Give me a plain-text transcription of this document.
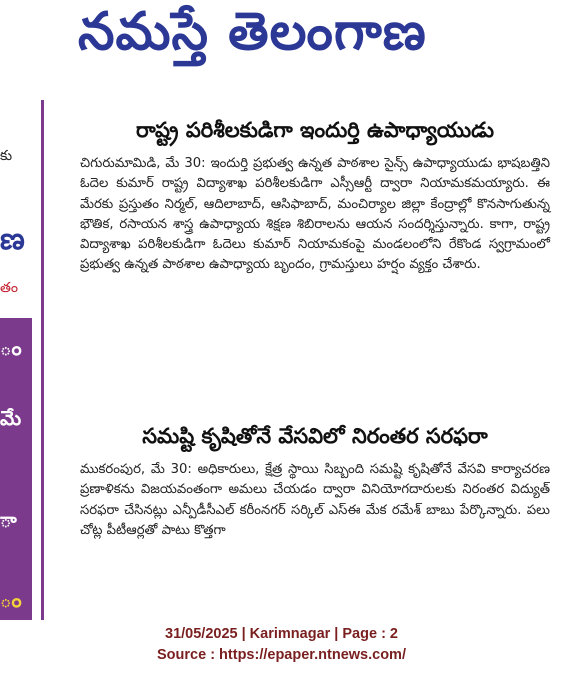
నమస్తే తెలంగాణ
కు
ణ
తం
ం
మే
ా
ం
రాష్ట్ర పరిశీలకుడిగా ఇందుర్తి ఉపాధ్యాయుడు
చిగురుమామిడి, మే 30: ఇందుర్తి ప్రభుత్వ ఉన్నత పాఠశాల సైన్స్ ఉపాధ్యాయుడు భాషబత్తిని ఓదెల కుమార్ రాష్ట్ర విద్యాశాఖ పరిశీలకుడిగా ఎస్సీఆర్టీ ద్వారా నియామకమయ్యారు. ఈ మేరకు ప్రస్తుతం నిర్మల్, ఆదిలాబాద్, ఆసిఫాబాద్, మంచిర్యాల జిల్లా కేంద్రాల్లో కొనసాగుతున్న భౌతిక, రసాయన శాస్త్ర ఉపాధ్యాయ శిక్షణ శిబిరాలను ఆయన సందర్శిస్తున్నారు. కాగా, రాష్ట్ర విద్యాశాఖ పరిశీలకుడిగా ఓదెలు కుమార్ నియామకంపై మండలంలోని రేకొండ స్వగ్రామంలో ప్రభుత్వ ఉన్నత పాఠశాల ఉపాధ్యాయ బృందం, గ్రామస్తులు హర్షం వ్యక్తం చేశారు.
సమష్టి కృషితోనే వేసవిలో నిరంతర సరఫరా
ముకరంపుర, మే 30: అధికారులు, క్షేత్ర స్థాయి సిబ్బంది సమష్టి కృషితోనే వేసవి కార్యాచరణ ప్రణాళికను విజయవంతంగా అమలు చేయడం ద్వారా వినియోగదారులకు నిరంతర విద్యుత్ సరఫరా చేసినట్లు ఎన్పీడీసీఎల్ కరీంనగర్ సర్కిల్ ఎస్ఈ మేక రమేశ్ బాబు పేర్కొన్నారు. పలు చోట్ల పీటీఆర్లతో పాటు కొత్తగా
31/05/2025 | Karimnagar | Page : 2
Source : https://epaper.ntnews.com/
